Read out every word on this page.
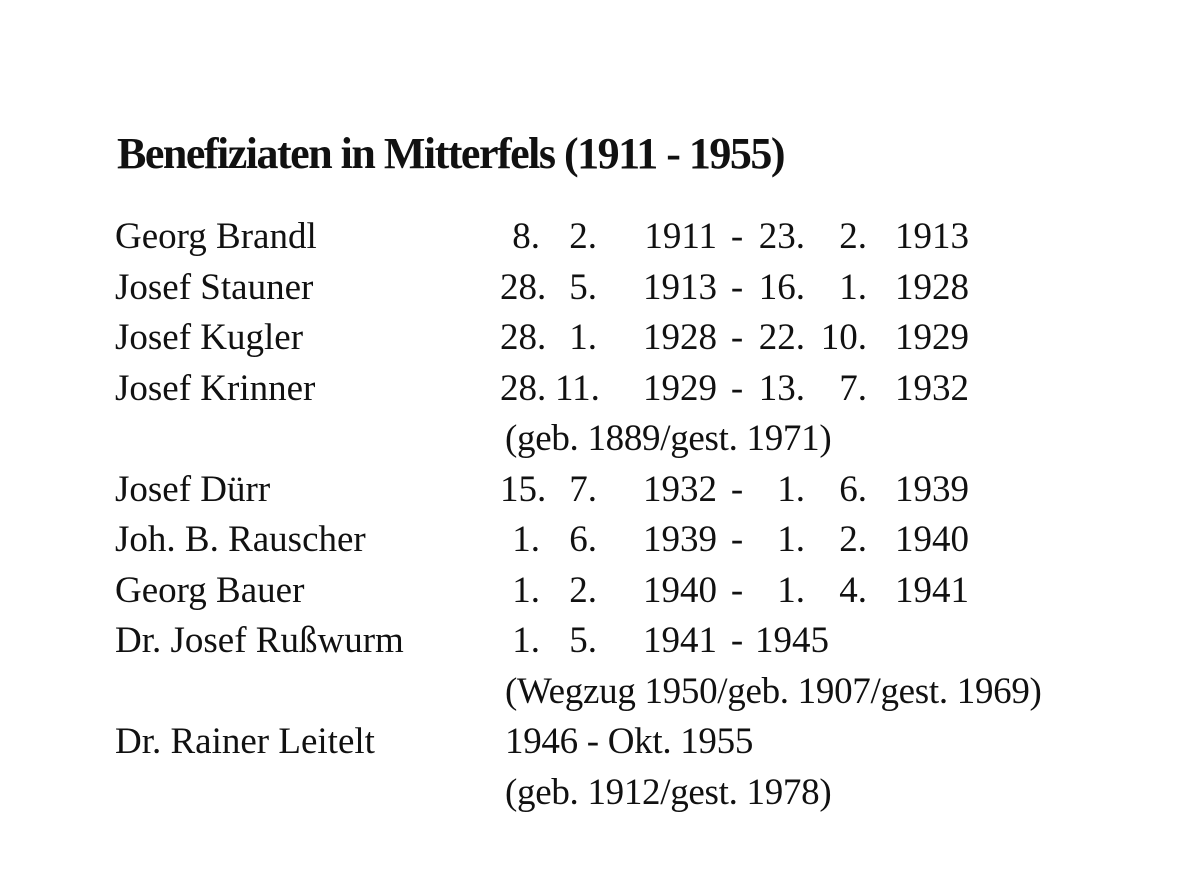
Benefiziaten in Mitterfels (1911 - 1955)
Georg Brandl	8. 2.	1911 - 23. 2. 1913
Josef Stauner	28. 5.	1913 - 16. 1. 1928
Josef Kugler	28. 1.	1928 - 22. 10. 1929
Josef Krinner	28. 11.	1929 - 13. 7. 1932
(geb. 1889/gest. 1971)
Josef Dürr	15. 7.	1932 - 1. 6. 1939
Joh. B. Rauscher	1. 6.	1939 - 1. 2. 1940
Georg Bauer	1. 2.	1940 - 1. 4. 1941
Dr. Josef Rußwurm	1. 5.	1941 - 1945
(Wegzug 1950/geb. 1907/gest. 1969)
Dr. Rainer Leitelt	1946 - Okt. 1955
(geb. 1912/gest. 1978)
